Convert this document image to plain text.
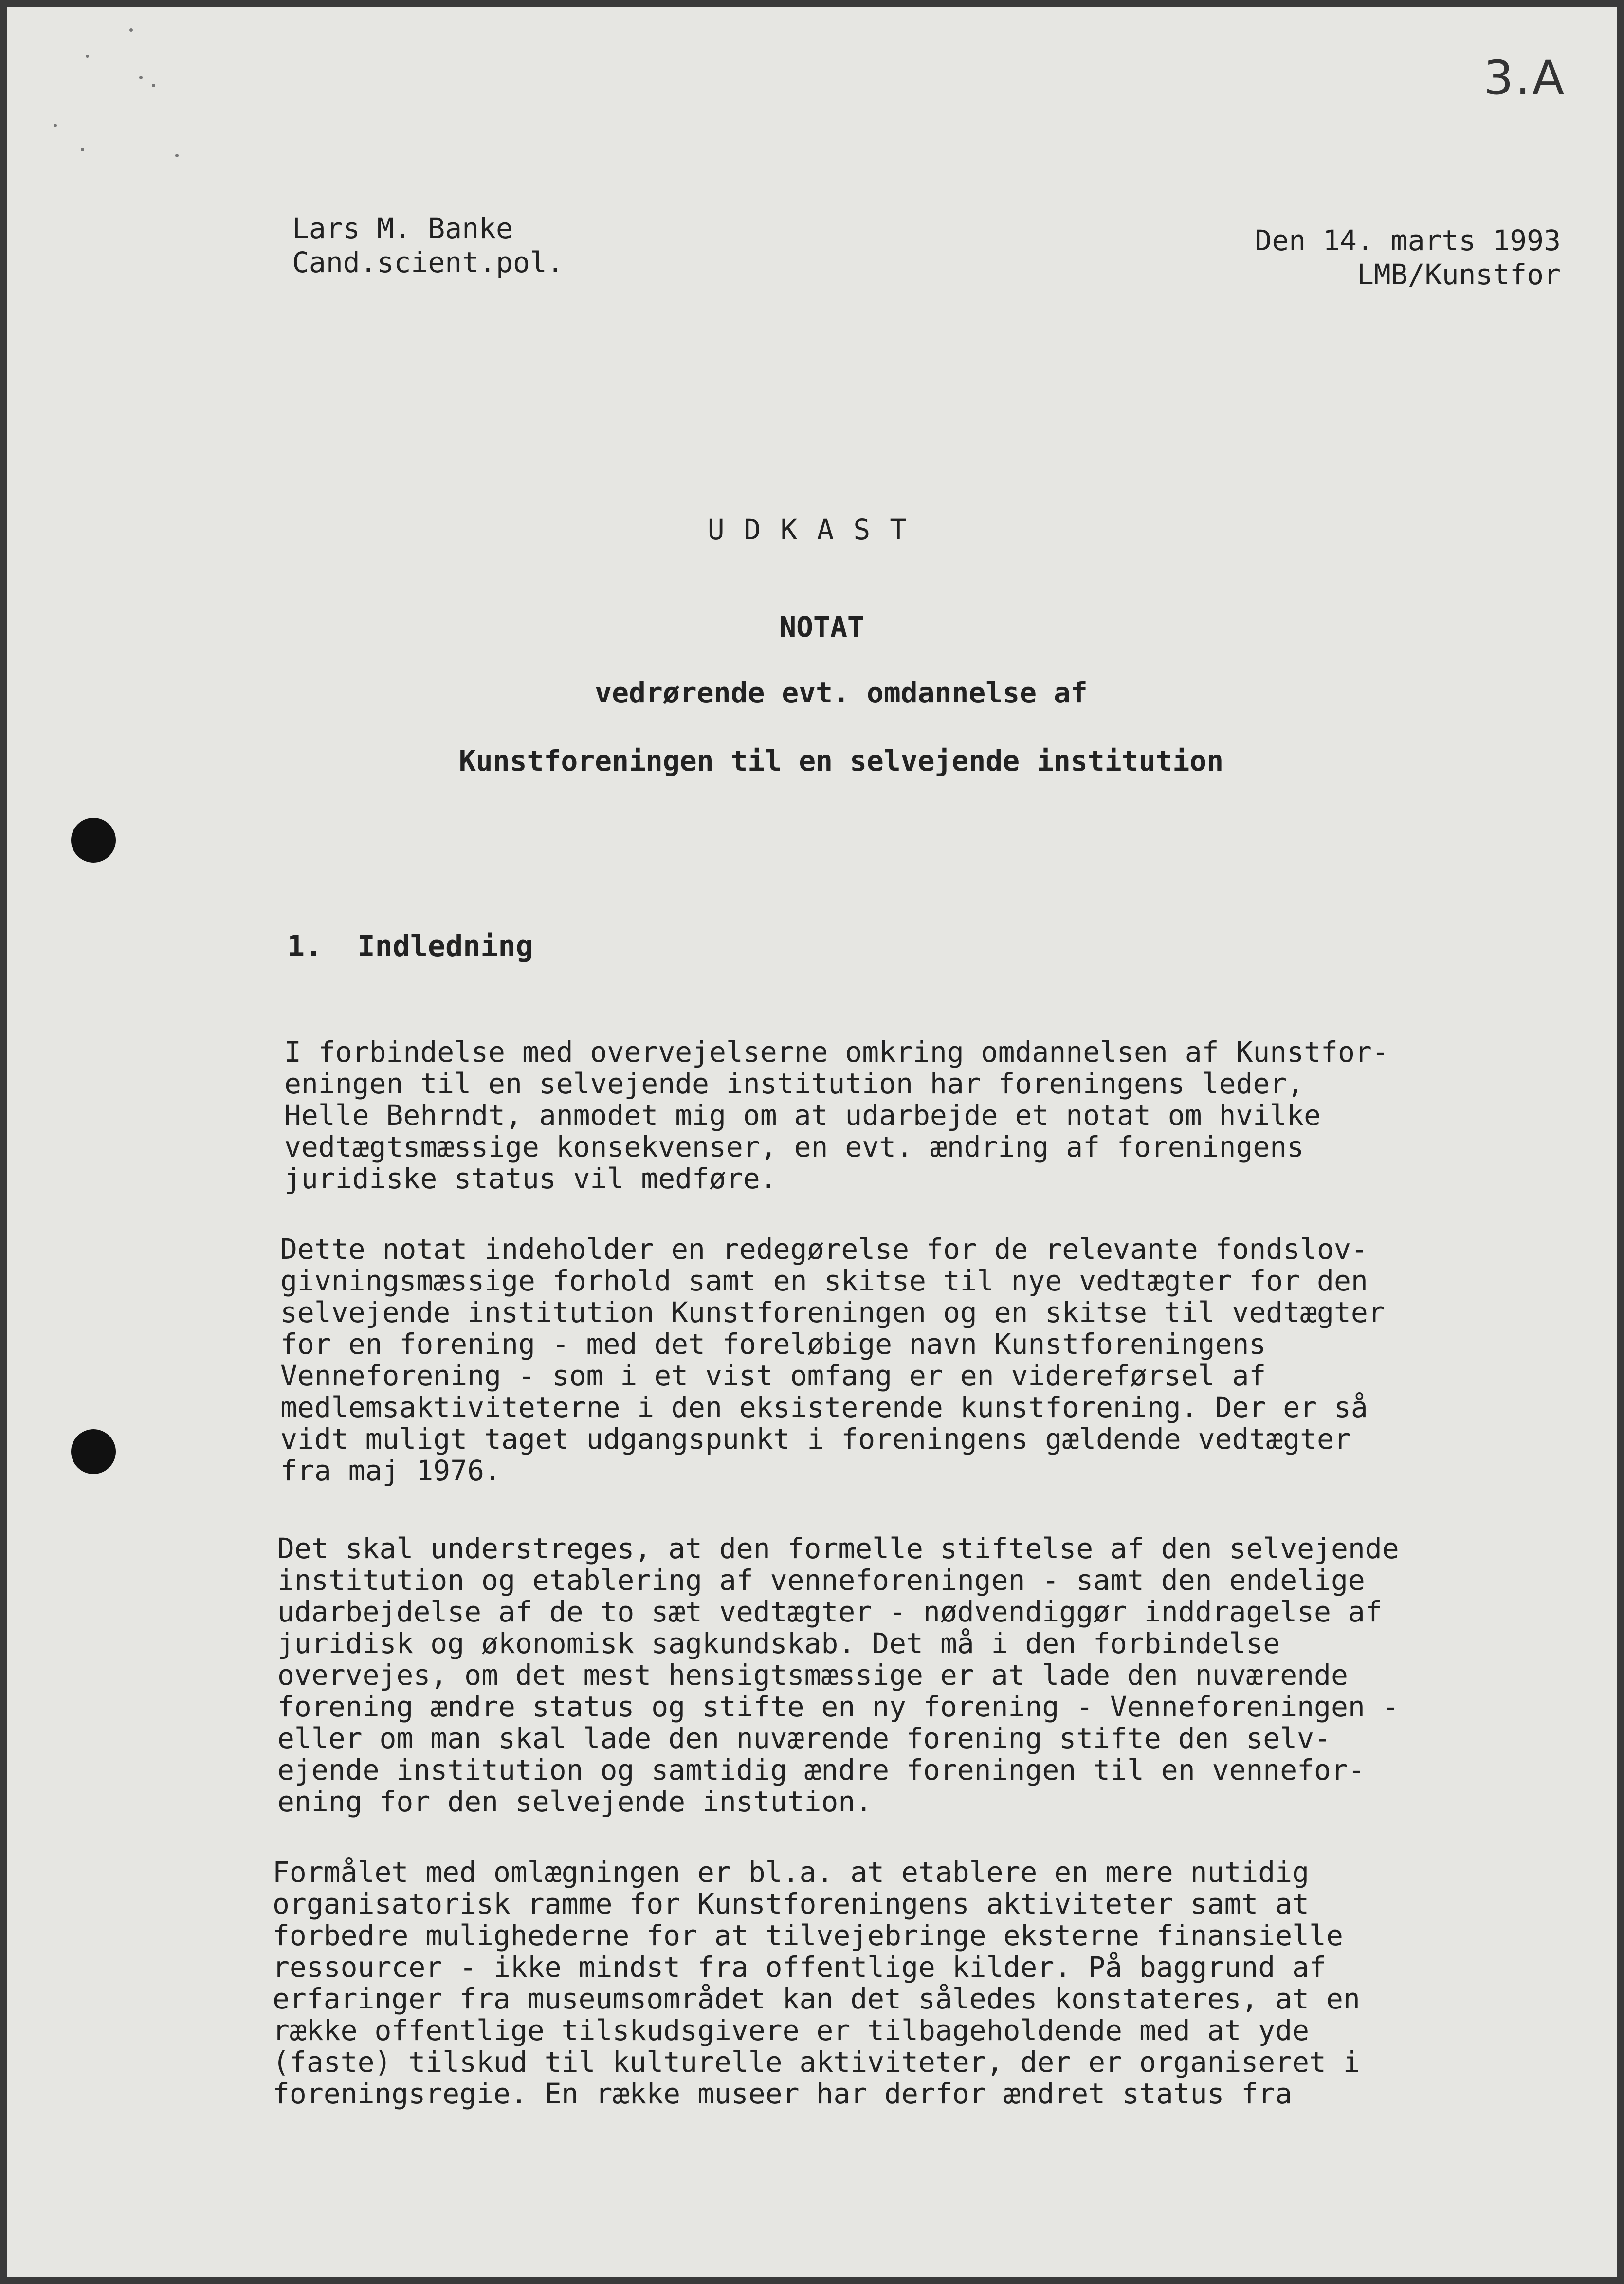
3.A
Lars M. Banke
Cand.scient.pol.
Den 14. marts 1993
LMB/Kunstfor
UDKAST
NOTAT
vedrørende evt. omdannelse af
Kunstforeningen til en selvejende institution
1.  Indledning
I forbindelse med overvejelserne omkring omdannelsen af Kunstfor-
eningen til en selvejende institution har foreningens leder,
Helle Behrndt, anmodet mig om at udarbejde et notat om hvilke
vedtægtsmæssige konsekvenser, en evt. ændring af foreningens
juridiske status vil medføre.
Dette notat indeholder en redegørelse for de relevante fondslov-
givningsmæssige forhold samt en skitse til nye vedtægter for den
selvejende institution Kunstforeningen og en skitse til vedtægter
for en forening - med det foreløbige navn Kunstforeningens
Venneforening - som i et vist omfang er en videreførsel af
medlemsaktiviteterne i den eksisterende kunstforening. Der er så
vidt muligt taget udgangspunkt i foreningens gældende vedtægter
fra maj 1976.
Det skal understreges, at den formelle stiftelse af den selvejende
institution og etablering af venneforeningen - samt den endelige
udarbejdelse af de to sæt vedtægter - nødvendiggør inddragelse af
juridisk og økonomisk sagkundskab. Det må i den forbindelse
overvejes, om det mest hensigtsmæssige er at lade den nuværende
forening ændre status og stifte en ny forening - Venneforeningen -
eller om man skal lade den nuværende forening stifte den selv-
ejende institution og samtidig ændre foreningen til en vennefor-
ening for den selvejende instution.
Formålet med omlægningen er bl.a. at etablere en mere nutidig
organisatorisk ramme for Kunstforeningens aktiviteter samt at
forbedre mulighederne for at tilvejebringe eksterne finansielle
ressourcer - ikke mindst fra offentlige kilder. På baggrund af
erfaringer fra museumsområdet kan det således konstateres, at en
række offentlige tilskudsgivere er tilbageholdende med at yde
(faste) tilskud til kulturelle aktiviteter, der er organiseret i
foreningsregie. En række museer har derfor ændret status fra
